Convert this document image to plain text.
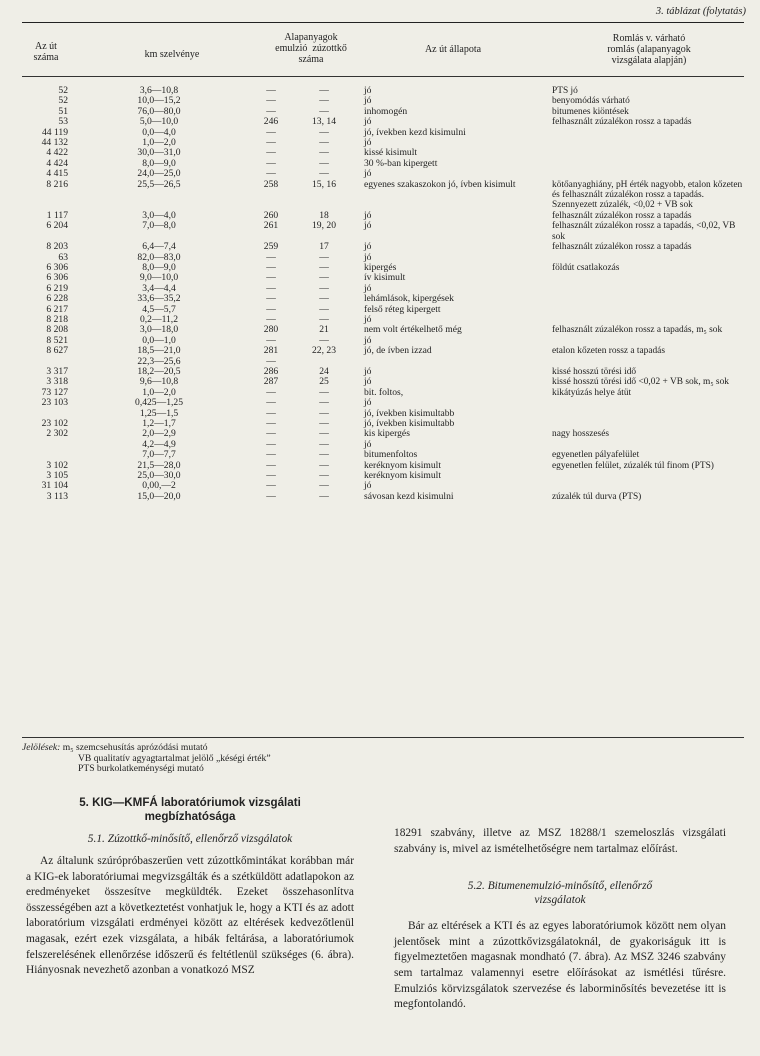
3. táblázat (folytatás)
Az út
száma	km szelvénye
Alapanyagok
emulzió  zúzottkő
száma
Az út állapota
Romlás v. várható
romlás (alapanyagok
vizsgálata alapján)
52	3,6—10,8	—	—	jó	PTS jó
52	10,0—15,2	—	—	jó	benyomódás várható
51	76,0—80,0	—	—	inhomogén	bitumenes kiöntések
53	5,0—10,0	246	13, 14	jó	felhasznált zúzalékon rossz a tapadás
44 119	0,0—4,0	—	—	jó, ívekben kezd kisimulni	
44 132	1,0—2,0	—	—	jó	
4 422	30,0—31,0	—	—	kissé kisimult	
4 424	8,0—9,0	—	—	30 %-ban kipergett	
4 415	24,0—25,0	—	—	jó	
8 216	25,5—26,5	258	15, 16	egyenes szakaszokon jó, ívben kisimult	kötőanyaghiány, pH érték nagyobb, etalon kőzeten és felhasznált zúzalékon rossz a tapadás. Szennyezett zúzalék, <0,02 + VB sok
1 117	3,0—4,0	260	18	jó	felhasznált zúzalékon rossz a tapadás
6 204	7,0—8,0	261	19, 20	jó	felhasznált zúzalékon rossz a tapadás, <0,02, VB sok
8 203	6,4—7,4	259	17	jó	felhasznált zúzalékon rossz a tapadás
63	82,0—83,0	—	—	jó	
6 306	8,0—9,0	—	—	kipergés	földút csatlakozás
6 306	9,0—10,0	—	—	ív kisimult	
6 219	3,4—4,4	—	—	jó	
6 228	33,6—35,2	—	—	lehámlások, kipergések	
6 217	4,5—5,7	—	—	felső réteg kipergett	
8 218	0,2—11,2	—	—	jó	
8 208	3,0—18,0	280	21	nem volt értékelhető még	felhasznált zúzalékon rossz a tapadás, m₅ sok
8 521	0,0—1,0	—	—	jó	
8 627	18,5—21,0	281	22, 23	jó, de ívben izzad	etalon kőzeten rossz a tapadás
	22,3—25,6	—			
3 317	18,2—20,5	286	24	jó	kissé hosszú törési idő
3 318	9,6—10,8	287	25	jó	kissé hosszú törési idő <0,02 + VB sok, m₅ sok
73 127	1,0—2,0	—	—	bit. foltos,	kikátyúzás helye átüt
23 103	0,425—1,25	—	—	jó	
	1,25—1,5	—	—	jó, ívekben kisimultabb	
23 102	1,2—1,7	—	—	jó, ívekben kisimultabb	
2 302	2,0—2,9	—	—	kis kipergés	nagy hosszesés
	4,2—4,9	—	—	jó	
	7,0—7,7	—	—	bitumenfoltos	egyenetlen pályafelület
3 102	21,5—28,0	—	—	keréknyom kisimult	egyenetlen felület, zúzalék túl finom (PTS)
3 105	25,0—30,0	—	—	keréknyom kisimult	
31 104	0,00,—2	—	—	jó	
3 113	15,0—20,0	—	—	sávosan kezd kisimulni	zúzalék túl durva (PTS)
Jelölések: m₅ szemcsehusítás aprózódási mutató
VB qualitatív agyagtartalmat jelölő „késégi érték”
PTS burkolatkeménységi mutató
5. KIG—KMFÁ laboratóriumok vizsgálati
megbízhatósága
5.1. Zúzottkő-minősítő, ellenőrző vizsgálatok

Az általunk szúrópróbaszerűen vett zúzottkőmintákat korábban már a KIG-ek laboratóriumai megvizsgálták és a szétküldött adatlapokon az eredményeket összesítve megküldték. Ezeket összehasonlítva összességében azt a következtetést vonhatjuk le, hogy a KTI és az adott laboratórium vizsgálati erdményei között az eltérések kedvezőtlenül magasak, ezért ezek vizsgálata, a hibák feltárása, a laboratóriumok felszerelésének ellenőrzése időszerű és feltétlenül szükséges (6. ábra). Hiányosnak nevezhető azonban a vonatkozó MSZ

18291 szabvány, illetve az MSZ 18288/1 szemeloszlás vizsgálati szabvány is, mivel az ismételhetőségre nem tartalmaz előírást.

5.2. Bitumenemulzió-minősítő, ellenőrző
vizsgálatok

Bár az eltérések a KTI és az egyes laboratóriumok között nem olyan jelentősek mint a zúzottkővizsgálatoknál, de gyakoriságuk itt is figyelmeztetően magasnak mondható (7. ábra). Az MSZ 3246 szabvány sem tartalmaz valamennyi esetre előírásokat az ismétlési tűrésre. Emulziós körvizsgálatok szervezése és laborminősítés bevezetése itt is megfontolandó.
